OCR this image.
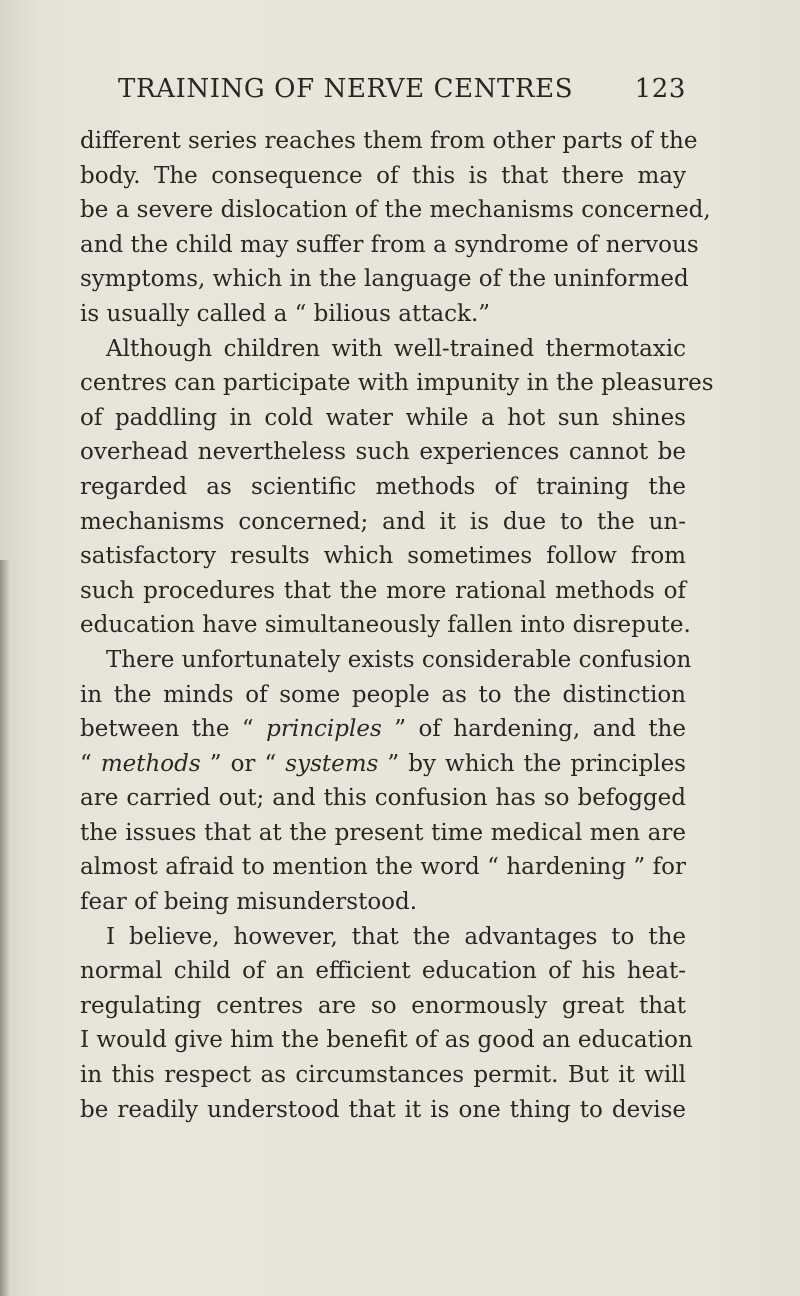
TRAINING OF NERVE CENTRES 123
different series reaches them from other parts of the
body. The consequence of this is that there may
be a severe dislocation of the mechanisms concerned,
and the child may suffer from a syndrome of nervous
symptoms, which in the language of the uninformed
is usually called a “ bilious attack.”
Although children with well-trained thermotaxic
centres can participate with impunity in the pleasures
of paddling in cold water while a hot sun shines
overhead nevertheless such experiences cannot be
regarded as scientific methods of training the
mechanisms concerned; and it is due to the un-
satisfactory results which sometimes follow from
such procedures that the more rational methods of
education have simultaneously fallen into disrepute.
There unfortunately exists considerable confusion
in the minds of some people as to the distinction
between the “ principles ” of hardening, and the
“ methods ” or “ systems ” by which the principles
are carried out; and this confusion has so befogged
the issues that at the present time medical men are
almost afraid to mention the word “ hardening ” for
fear of being misunderstood.
I believe, however, that the advantages to the
normal child of an efficient education of his heat-
regulating centres are so enormously great that
I would give him the benefit of as good an education
in this respect as circumstances permit. But it will
be readily understood that it is one thing to devise
